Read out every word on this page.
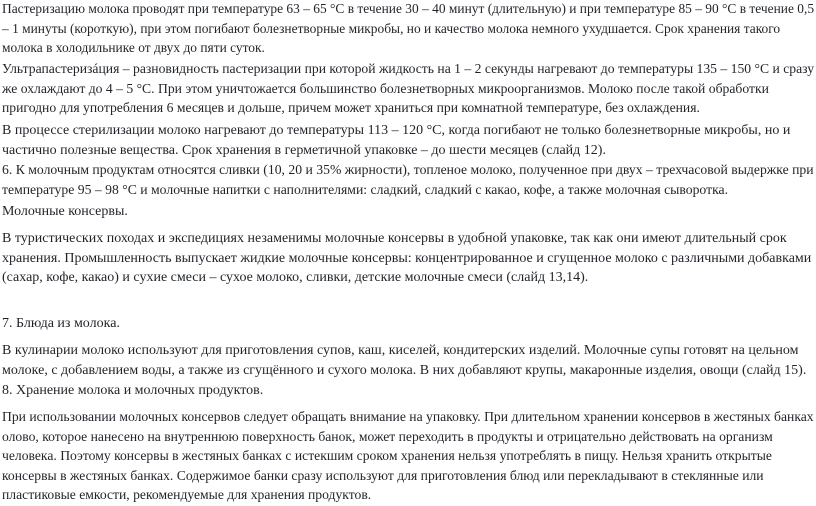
Пастеризацию молока проводят при температуре 63 – 65 °С в течение 30 – 40 минут (длительную) и при температуре 85 – 90 °С в течение 0,5
– 1 минуты (короткую), при этом погибают болезнетворные микробы, но и качество молока немного ухудшается. Срок хранения такого
молока в холодильнике от двух до пяти суток.

Ультрапастеризáция – разновидность пастеризации при которой жидкость на 1 – 2 секунды нагревают до температуры 135 – 150 °С и сразу
же охлаждают до 4 – 5 °С. При этом уничтожается большинство болезнетворных микроорганизмов. Молоко после такой обработки
пригодно для употребления 6 месяцев и дольше, причем может храниться при комнатной температуре, без охлаждения.

В процессе стерилизации молоко нагревают до температуры 113 – 120 °С, когда погибают не только болезнетворные микробы, но и
частично полезные вещества. Срок хранения в герметичной упаковке – до шести месяцев (слайд 12).

6. К молочным продуктам относятся сливки (10, 20 и 35% жирности), топленое молоко, полученное при двух – трехчасовой выдержке при
температуре 95 – 98 °С и молочные напитки с наполнителями: сладкий, сладкий с какао, кофе, а также молочная сыворотка.

Молочные консервы.

В туристических походах и экспедициях незаменимы молочные консервы в удобной упаковке, так как они имеют длительный срок
хранения. Промышленность выпускает жидкие молочные консервы: концентрированное и сгущенное молоко с различными добавками
(сахар, кофе, какао) и сухие смеси – сухое молоко, сливки, детские молочные смеси (слайд 13,14).

7. Блюда из молока.

В кулинарии молоко используют для приготовления супов, каш, киселей, кондитерских изделий. Молочные супы готовят на цельном
молоке, с добавлением воды, а также из сгущённого и сухого молока. В них добавляют крупы, макаронные изделия, овощи (слайд 15).

8. Хранение молока и молочных продуктов.

При использовании молочных консервов следует обращать внимание на упаковку. При длительном хранении консервов в жестяных банках
олово, которое нанесено на внутреннюю поверхность банок, может переходить в продукты и отрицательно действовать на организм
человека. Поэтому консервы в жестяных банках с истекшим сроком хранения нельзя употреблять в пищу. Нельзя хранить открытые
консервы в жестяных банках. Содержимое банки сразу используют для приготовления блюд или перекладывают в стеклянные или
пластиковые емкости, рекомендуемые для хранения продуктов.
